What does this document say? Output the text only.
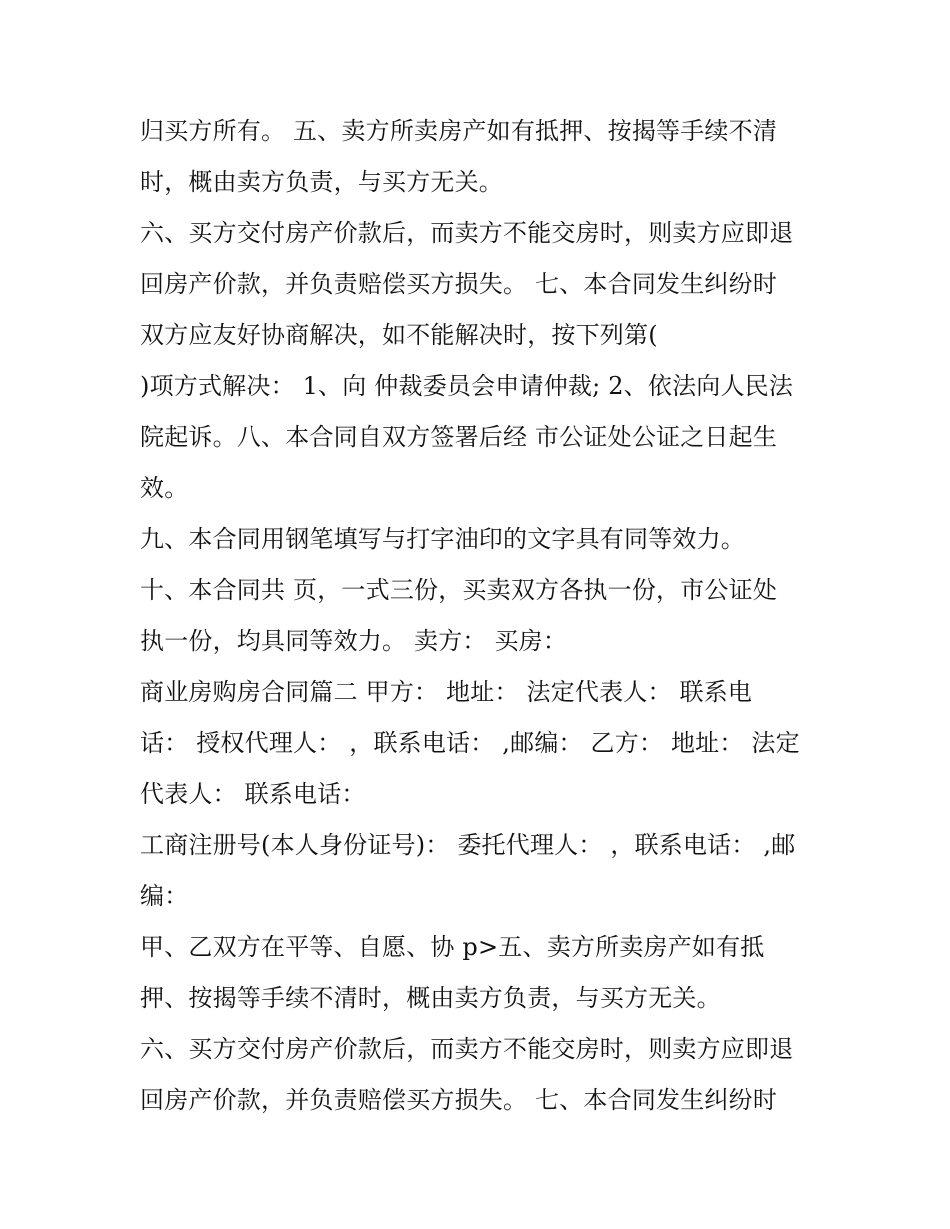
归买方所有。 五、卖方所卖房产如有抵押、按揭等手续不清
时，概由卖方负责，与买方无关。
六、买方交付房产价款后，而卖方不能交房时，则卖方应即退
回房产价款，并负责赔偿买方损失。 七、本合同发生纠纷时
双方应友好协商解决，如不能解决时，按下列第(
)项方式解决： 1、向 仲裁委员会申请仲裁; 2、依法向人民法
院起诉。八、本合同自双方签署后经 市公证处公证之日起生
效。
九、本合同用钢笔填写与打字油印的文字具有同等效力。
十、本合同共 页，一式三份，买卖双方各执一份，市公证处
执一份，均具同等效力。 卖方： 买房：
商业房购房合同篇二 甲方： 地址： 法定代表人： 联系电
话： 授权代理人： ，联系电话： ,邮编： 乙方： 地址： 法定
代表人： 联系电话：
工商注册号(本人身份证号)： 委托代理人： ，联系电话： ,邮
编：
甲、乙双方在平等、自愿、协 p>五、卖方所卖房产如有抵
押、按揭等手续不清时，概由卖方负责，与买方无关。
六、买方交付房产价款后，而卖方不能交房时，则卖方应即退
回房产价款，并负责赔偿买方损失。 七、本合同发生纠纷时
